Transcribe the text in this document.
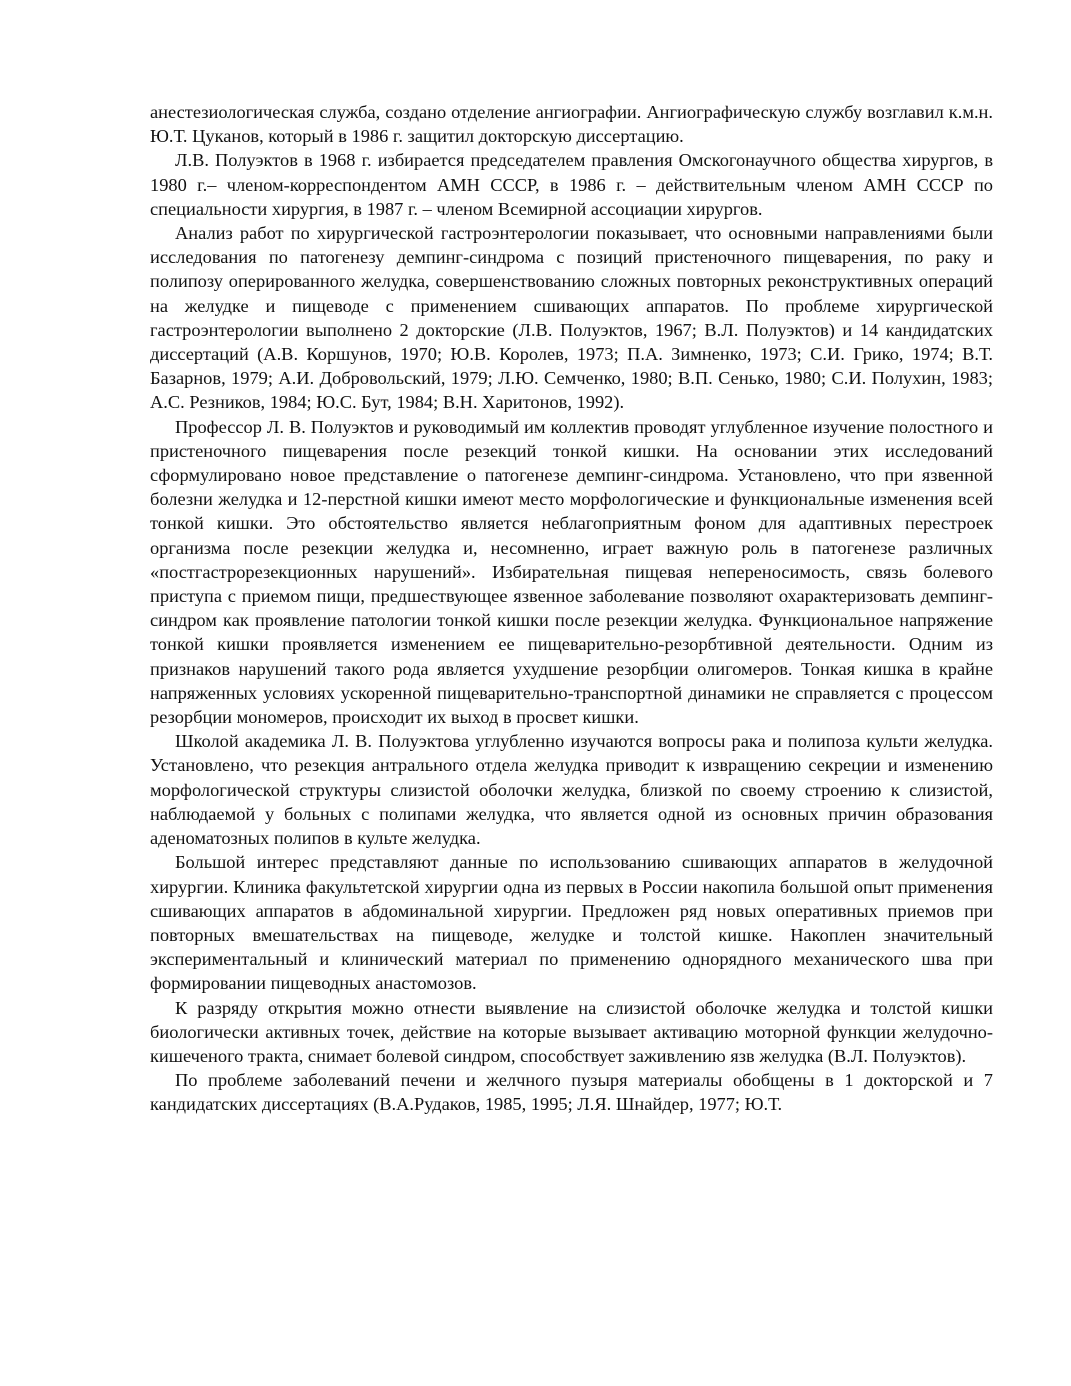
анестезиологическая служба, создано отделение ангиографии. Ангиографическую службу возглавил к.м.н. Ю.Т. Цуканов, который в 1986 г. защитил докторскую диссертацию.

Л.В. Полуэктов в 1968 г. избирается председателем правления Омскогонаучного общества хирургов, в 1980 г.– членом-корреспондентом АМН СССР, в 1986 г. – действительным членом АМН СССР по специальности хирургия, в 1987 г. – членом Всемирной ассоциации хирургов.

Анализ работ по хирургической гастроэнтерологии показывает, что основными направлениями были исследования по патогенезу демпинг-синдрома с позиций пристеночного пищеварения, по раку и полипозу оперированного желудка, совершенствованию сложных повторных реконструктивных операций на желудке и пищеводе с применением сшивающих аппаратов. По проблеме хирургической гастроэнтерологии выполнено 2 докторские (Л.В. Полуэктов, 1967; В.Л. Полуэктов) и 14 кандидатских диссертаций (А.В. Коршунов, 1970; Ю.В. Королев, 1973; П.А. Зимненко, 1973; С.И. Грико, 1974; В.Т. Базарнов, 1979; А.И. Добровольский, 1979; Л.Ю. Семченко, 1980; В.П. Сенько, 1980; С.И. Полухин, 1983; А.С. Резников, 1984; Ю.С. Бут, 1984; В.Н. Харитонов, 1992).

Профессор Л. В. Полуэктов и руководимый им коллектив проводят углубленное изучение полостного и пристеночного пищеварения после резекций тонкой кишки. На основании этих исследований сформулировано новое представление о патогенезе демпинг-синдрома. Установлено, что при язвенной болезни желудка и 12-перстной кишки имеют место морфологические и функциональные изменения всей тонкой кишки. Это обстоятельство является неблагоприятным фоном для адаптивных перестроек организма после резекции желудка и, несомненно, играет важную роль в патогенезе различных «постгастрорезекционных нарушений». Избирательная пищевая непереносимость, связь болевого приступа с приемом пищи, предшествующее язвенное заболевание позволяют охарактеризовать демпинг-синдром как проявление патологии тонкой кишки после резекции желудка. Функциональное напряжение тонкой кишки проявляется изменением ее пищеварительно-резорбтивной деятельности. Одним из признаков нарушений такого рода является ухудшение резорбции олигомеров. Тонкая кишка в крайне напряженных условиях ускоренной пищеварительно-транспортной динамики не справляется с процессом резорбции мономеров, происходит их выход в просвет кишки.

Школой академика Л. В. Полуэктова углубленно изучаются вопросы рака и полипоза культи желудка. Установлено, что резекция антрального отдела желудка приводит к извращению секреции и изменению морфологической структуры слизистой оболочки желудка, близкой по своему строению к слизистой, наблюдаемой у больных с полипами желудка, что является одной из основных причин образования аденоматозных полипов в культе желудка.

Большой интерес представляют данные по использованию сшивающих аппаратов в желудочной хирургии. Клиника факультетской хирургии одна из первых в России накопила большой опыт применения сшивающих аппаратов в абдоминальной хирургии. Предложен ряд новых оперативных приемов при повторных вмешательствах на пищеводе, желудке и толстой кишке. Накоплен значительный экспериментальный и клинический материал по применению однорядного механического шва при формировании пищеводных анастомозов.

К разряду открытия можно отнести выявление на слизистой оболочке желудка и толстой кишки биологически активных точек, действие на которые вызывает активацию моторной функции желудочно-кишеченого тракта, снимает болевой синдром, способствует заживлению язв желудка (В.Л. Полуэктов).

По проблеме заболеваний печени и желчного пузыря материалы обобщены в 1 докторской и 7 кандидатских диссертациях (В.А.Рудаков, 1985, 1995; Л.Я. Шнайдер, 1977; Ю.Т.
